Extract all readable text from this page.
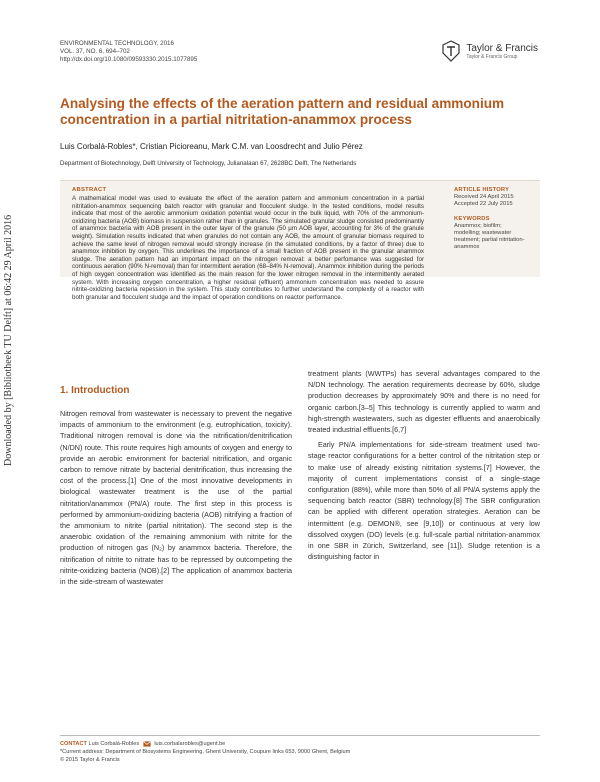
Downloaded by [Bibliotheek TU Delft] at 06:42 29 April 2016
ENVIRONMENTAL TECHNOLOGY, 2016
VOL. 37, NO. 6, 694–702
http://dx.doi.org/10.1080/09593330.2015.1077895
Taylor & Francis
Taylor & Francis Group
Analysing the effects of the aeration pattern and residual ammonium concentration in a partial nitritation-anammox process
Luis Corbalá-Robles*, Cristian Picioreanu, Mark C.M. van Loosdrecht and Julio Pérez
Department of Biotechnology, Delft University of Technology, Julianalaan 67, 2628BC Delft, The Netherlands
ABSTRACT
A mathematical model was used to evaluate the effect of the aeration pattern and ammonium concentration in a partial nitritation-anammox sequencing batch reactor with granular and flocculent sludge. In the tested conditions, model results indicate that most of the aerobic ammonium oxidation potential would occur in the bulk liquid, with 70% of the ammonium-oxidizing bacteria (AOB) biomass in suspension rather than in granules. The simulated granular sludge consisted predominantly of anammox bacteria with AOB present in the outer layer of the granule (50 µm AOB layer, accounting for 3% of the granule weight). Simulation results indicated that when granules do not contain any AOB, the amount of granular biomass required to achieve the same level of nitrogen removal would strongly increase (in the simulated conditions, by a factor of three) due to anammox inhibition by oxygen. This underlines the importance of a small fraction of AOB present in the granular anammox sludge. The aeration pattern had an important impact on the nitrogen removal: a better perfomance was suggested for continuous aeration (90% N-removal) than for intermittent aeration (68–84% N-removal). Anammox inhibition during the periods of high oxygen concentration was identified as the main reason for the lower nitrogen removal in the intermittently aerated system. With increasing oxygen concentration, a higher residual (effluent) ammonium concentration was needed to assure nitrite-oxidizing bacteria repession in the system. This study contributes to further understand the complexity of a reactor with both granular and flocculent sludge and the impact of operation conditions on reactor performance.
ARTICLE HISTORY
Received 24 April 2015
Accepted 22 July 2015
KEYWORDS
Anammox; biofilm;
modelling; wastewater
treatment; partial nitritation-
anammox
1. Introduction

Nitrogen removal from wastewater is necessary to prevent the negative impacts of ammonium to the environment (e.g. eutrophication, toxicity). Traditional nitrogen removal is done via the nitrification/denitrification (N/DN) route. This route requires high amounts of oxygen and energy to provide an aerobic environment for bacterial nitrification, and organic carbon to remove nitrate by bacterial denitrification, thus increasing the cost of the process.[1] One of the most innovative developments in biological wastewater treatment is the use of the partial nitritation/anammox (PN/A) route. The first step in this process is performed by ammonium-oxidizing bacteria (AOB) nitrifying a fraction of the ammonium to nitrite (partial nitritation). The second step is the anaerobic oxidation of the remaining ammonium with nitrite for the production of nitrogen gas (N₂) by anammox bacteria. Therefore, the nitrification of nitrite to nitrate has to be repressed by outcompeting the nitrite-oxidizing bacteria (NOB).[2] The application of anammox bacteria in the side-stream of wastewater

treatment plants (WWTPs) has several advantages compared to the N/DN technology. The aeration requirements decrease by 60%, sludge production decreases by approximately 90% and there is no need for organic carbon.[3–5] This technology is currently applied to warm and high-strength wastewaters, such as digester effluents and anaerobically treated industrial effluents.[6,7]

Early PN/A implementations for side-stream treatment used two-stage reactor configurations for a better control of the nitritation step or to make use of already existing nitritation systems.[7] However, the majority of current implementations consist of a single-stage configuration (88%), while more than 50% of all PN/A systems apply the sequencing batch reactor (SBR) technology.[8] The SBR configuration can be applied with different operation strategies. Aeration can be intermittent (e.g. DEMON®, see [9,10]) or continuous at very low dissolved oxygen (DO) levels (e.g. full-scale partial nitritation-anammox in one SBR in Zürich, Switzerland, see [11]). Sludge retention is a distinguishing factor in

CONTACT Luis Corbalá-Robles	luis.corbalarobles@ugent.be
*Current address: Department of Biosystems Engineering, Ghent University, Coupure links 653, 9000 Ghent, Belgium
© 2015 Taylor & Francis
